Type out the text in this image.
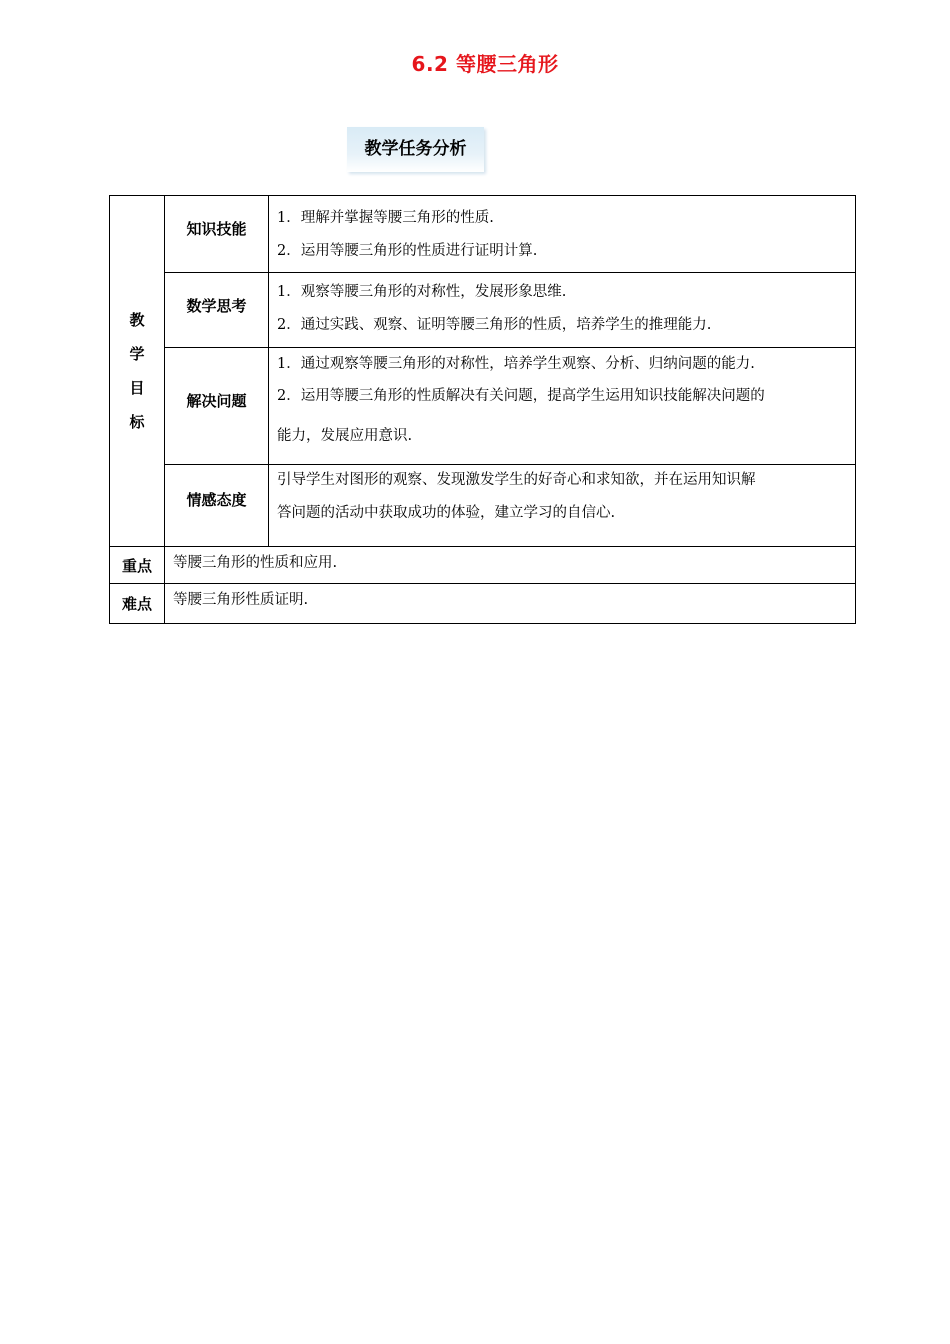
6.2 等腰三角形
教学任务分析
教
学
目
标	知识技能	1．理解并掌握等腰三角形的性质.
2．运用等腰三角形的性质进行证明计算.

	数学思考	1．观察等腰三角形的对称性，发展形象思维.
2．通过实践、观察、证明等腰三角形的性质，培养学生的推理能力.

	解决问题	1．通过观察等腰三角形的对称性，培养学生观察、分析、归纳问题的能力.
2．运用等腰三角形的性质解决有关问题，提高学生运用知识技能解决问题的
能力，发展应用意识.

	情感态度	引导学生对图形的观察、发现激发学生的好奇心和求知欲，并在运用知识解
答问题的活动中获取成功的体验，建立学习的自信心.

重点	等腰三角形的性质和应用.	
难点	等腰三角形性质证明.	
